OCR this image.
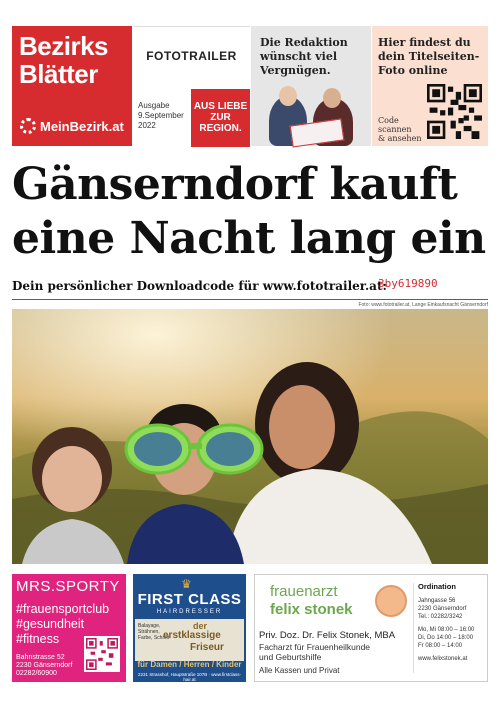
Bezirks
Blätter
MeinBezirk.at
FOTOTRAILER
Ausgabe
9.September
2022
AUS LIEBE
ZUR
REGION.
Die Redaktion
wünscht viel
Vergnügen.
Hier findest du
dein Titelseiten-
Foto online
Code
scannen
& ansehen
Gänserndorf kauft
eine Nacht lang ein
Dein persönlicher Downloadcode für www.fototrailer.at:
3by619890
Foto: www.fototrailer.at, Lange Einkaufsnacht Gänserndorf
MRS.SPORTY
#frauensportclub
#gesundheit
#fitness
Bahnstrasse 52
2230 Gänserndorf
02282/60900
♛
FIRST CLASS
HAIRDRESSER
Balayage, Strähnen,
Farbe, Schnitt
der
erstklassige
Friseur
für Damen / Herren / Kinder
2231 Strasshof, Hauptstraße 107B · www.firstclass-hair.at
frauenarzt
felix stonek
Priv. Doz. Dr. Felix Stonek, MBA
Facharzt für Frauenheilkunde
und Geburtshilfe
Alle Kassen und Privat
Ordination
Jahngasse 56
2230 Gänserndorf
Tel.: 02282/3242
Mo, Mi 08:00 – 16:00
Di, Do 14:00 – 18:00
Fr 08:00 – 14:00
www.felixstonek.at
